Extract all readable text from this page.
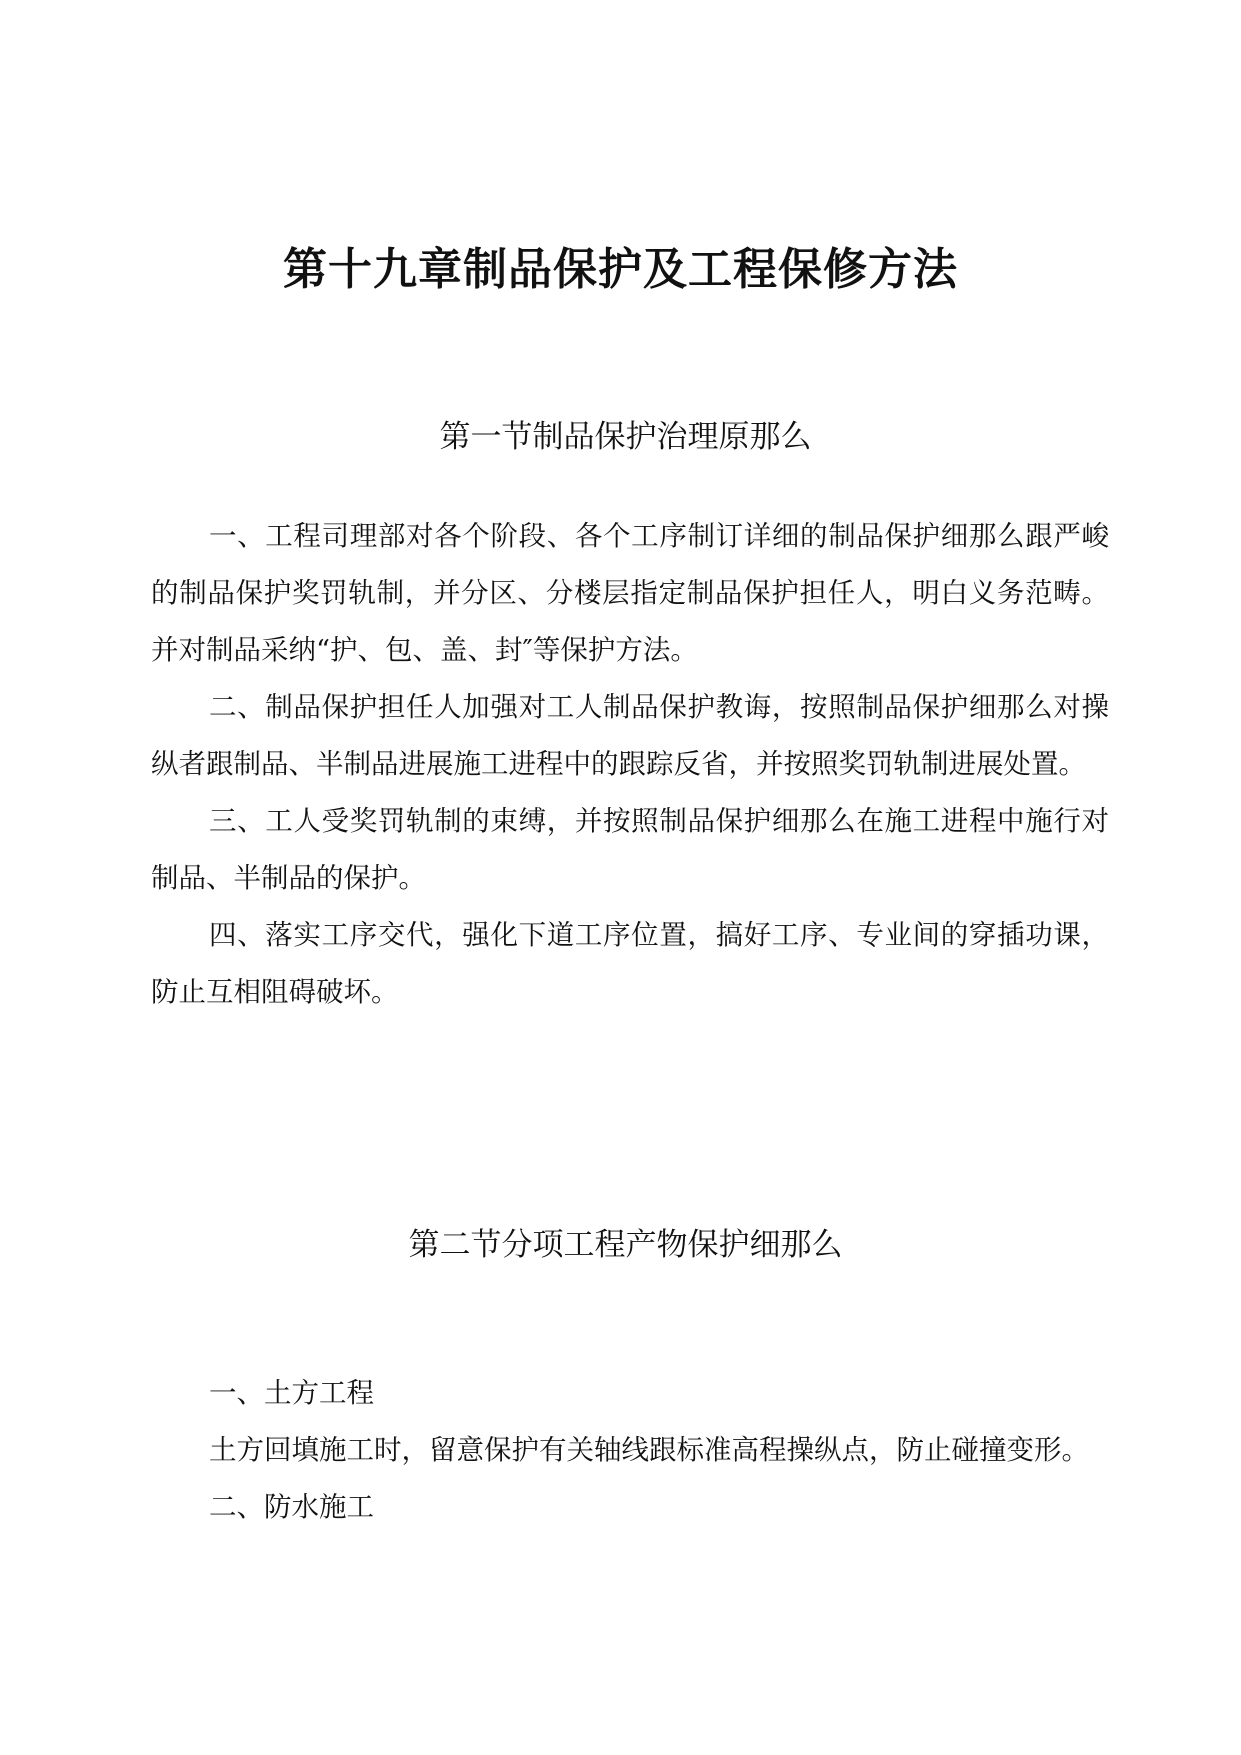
第十九章制品保护及工程保修方法
第一节制品保护治理原那么

一、工程司理部对各个阶段、各个工序制订详细的制品保护细那么跟严峻的制品保护奖罚轨制，并分区、分楼层指定制品保护担任人，明白义务范畴。并对制品采纳“护、包、盖、封″等保护方法。

二、制品保护担任人加强对工人制品保护教诲，按照制品保护细那么对操纵者跟制品、半制品进展施工进程中的跟踪反省，并按照奖罚轨制进展处置。

三、工人受奖罚轨制的束缚，并按照制品保护细那么在施工进程中施行对制品、半制品的保护。

四、落实工序交代，强化下道工序位置，搞好工序、专业间的穿插功课，防止互相阻碍破坏。

第二节分项工程产物保护细那么

一、土方工程

土方回填施工时，留意保护有关轴线跟标准高程操纵点，防止碰撞变形。

二、防水施工
